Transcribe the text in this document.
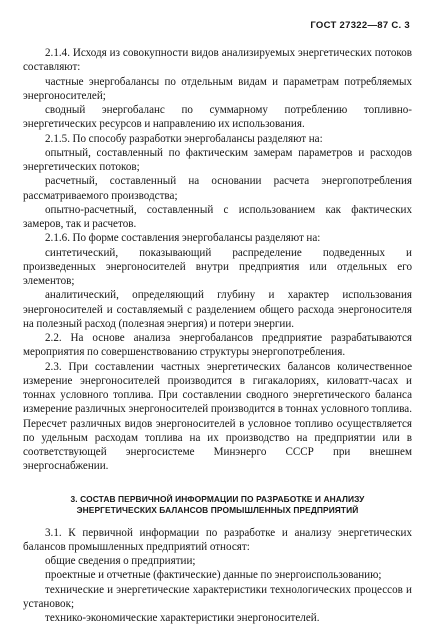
ГОСТ 27322—87 С. 3

2.1.4. Исходя из совокупности видов анализируемых энергетических потоков составляют:

частные энергобалансы по отдельным видам и параметрам потребляемых энергоносителей;

сводный энергобаланс по суммарному потреблению топливно-энергетических ресурсов и направлению их использования.

2.1.5. По способу разработки энергобалансы разделяют на:

опытный, составленный по фактическим замерам параметров и расходов энергетических потоков;

расчетный, составленный на основании расчета энергопотребления рассматриваемого производства;

опытно-расчетный, составленный с использованием как фактических замеров, так и расчетов.

2.1.6. По форме составления энергобалансы разделяют на:

синтетический, показывающий распределение подведенных и произведенных энергоносителей внутри предприятия или отдельных его элементов;

аналитический, определяющий глубину и характер использования энергоносителей и составляемый с разделением общего расхода энергоносителя на полезный расход (полезная энергия) и потери энергии.

2.2. На основе анализа энергобалансов предприятие разрабатываются мероприятия по совершенствованию структуры энергопотребления.

2.3. При составлении частных энергетических балансов количественное измерение энергоносителей производится в гигакалориях, киловатт-часах и тоннах условного топлива. При составлении сводного энергетического баланса измерение различных энергоносителей производится в тоннах условного топлива. Пересчет различных видов энергоносителей в условное топливо осуществляется по удельным расходам топлива на их производство на предприятии или в соответствующей энергосистеме Минэнерго СССР при внешнем энергоснабжении.

3. СОСТАВ ПЕРВИЧНОЙ ИНФОРМАЦИИ ПО РАЗРАБОТКЕ И АНАЛИЗУ
ЭНЕРГЕТИЧЕСКИХ БАЛАНСОВ ПРОМЫШЛЕННЫХ ПРЕДПРИЯТИЙ

3.1. К первичной информации по разработке и анализу энергетических балансов промышленных предприятий относят:

общие сведения о предприятии;

проектные и отчетные (фактические) данные по энергоиспользованию;

технические и энергетические характеристики технологических процессов и установок;

технико-экономические характеристики энергоносителей.
